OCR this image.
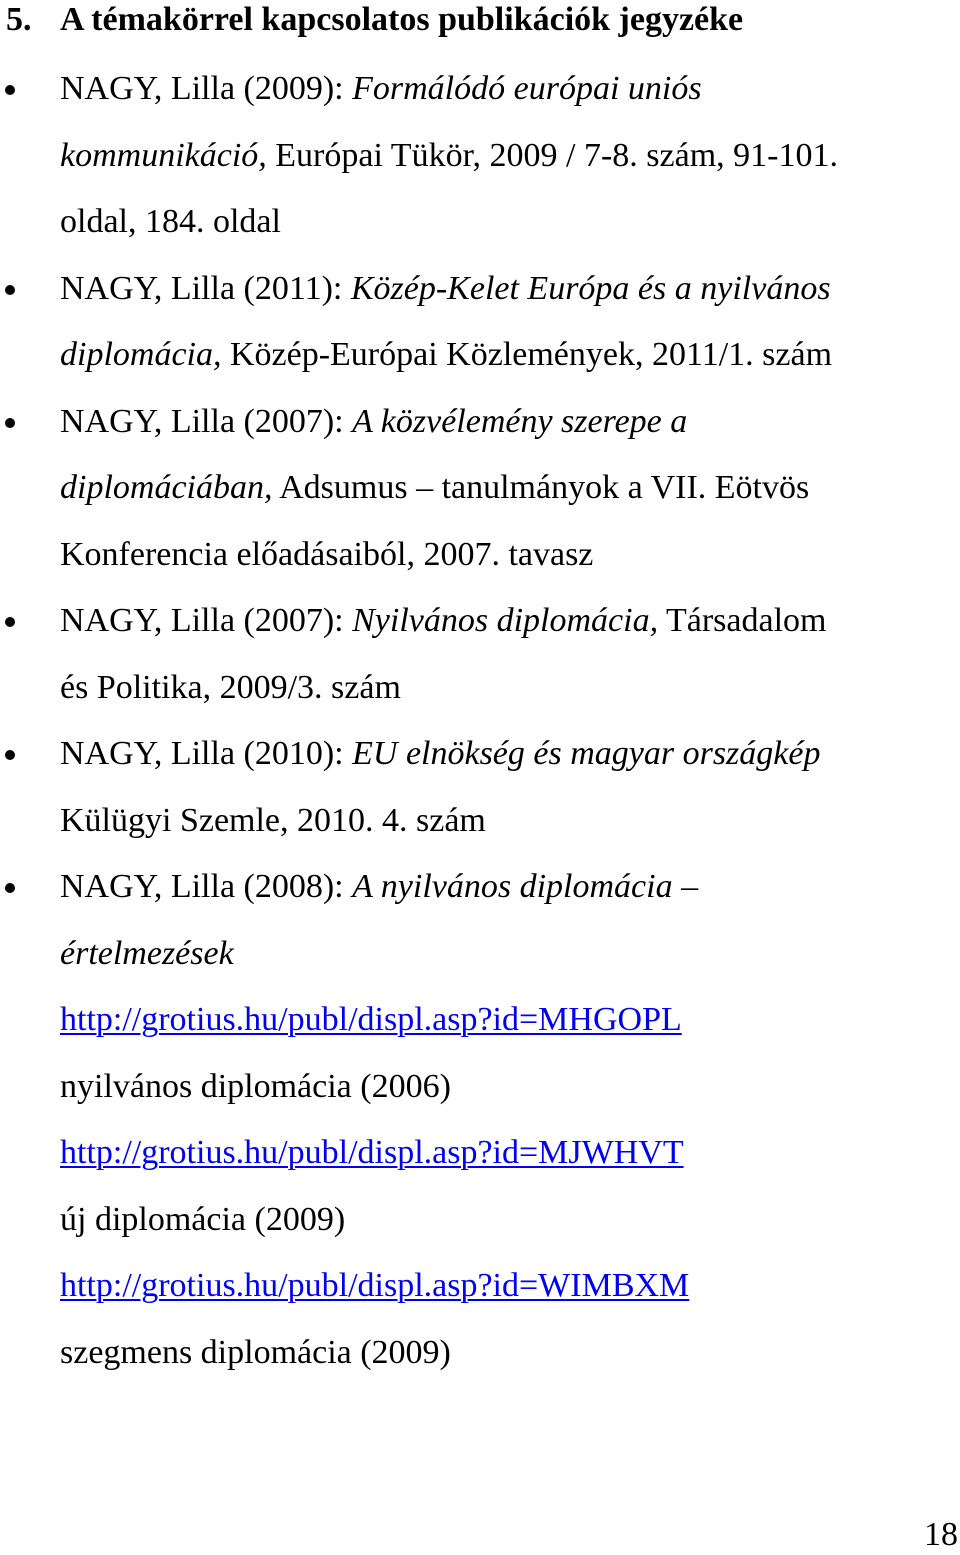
5. A témakörrel kapcsolatos publikációk jegyzéke
NAGY, Lilla (2009): Formálódó európai uniós
kommunikáció, Európai Tükör, 2009 / 7-8. szám, 91-101.
oldal, 184. oldal
NAGY, Lilla (2011): Közép-Kelet Európa és a nyilvános
diplomácia, Közép-Európai Közlemények, 2011/1. szám
NAGY, Lilla (2007): A közvélemény szerepe a
diplomáciában, Adsumus – tanulmányok a VII. Eötvös
Konferencia előadásaiból, 2007. tavasz
NAGY, Lilla (2007): Nyilvános diplomácia, Társadalom
és Politika, 2009/3. szám
NAGY, Lilla (2010): EU elnökség és magyar országkép
Külügyi Szemle, 2010. 4. szám
NAGY, Lilla (2008): A nyilvános diplomácia –
értelmezések
http://grotius.hu/publ/displ.asp?id=MHGOPL
nyilvános diplomácia (2006)
http://grotius.hu/publ/displ.asp?id=MJWHVT
új diplomácia (2009)
http://grotius.hu/publ/displ.asp?id=WIMBXM
szegmens diplomácia (2009)
18
